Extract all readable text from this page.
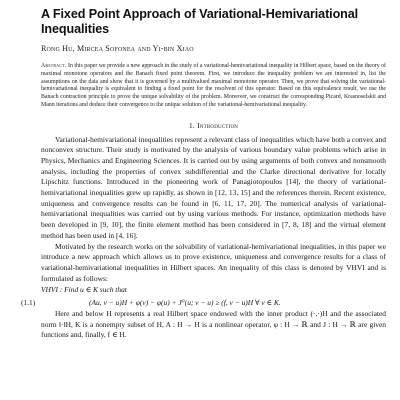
A Fixed Point Approach of Variational-Hemivariational Inequalities
Rong Hu, Mircea Sofonea and Yi-bin Xiao
Abstract. In this paper we provide a new approach in the study of a variational-hemivariational inequality in Hilbert space, based on the theory of maximal monotone operators and the Banach fixed point theorem. First, we introduce the inequality problem we are interested in, list the assumptions on the data and show that it is governed by a multivalued maximal monotone operator. Then, we prove that solving the variational-hemivariational inequality is equivalent to finding a fixed point for the resolvent of this operator. Based on this equivalence result, we use the Banach contraction principle to prove the unique solvability of the problem. Moreover, we construct the corresponding Picard, Krasnoselskii and Mann iterations and deduce their convergence to the unique solution of the variational-hemivariational inequality.
1. Introduction

Variational-hemivariational inequalities represent a relevant class of inequalities which have both a convex and nonconvex structure. Their study is motivated by the analysis of various boundary value problems which arise in Physics, Mechanics and Engineering Sciences. It is carried out by using arguments of both convex and nonsmooth analysis, including the properties of convex subdifferential and the Clarke directional derivative for locally Lipschitz functions. Introduced in the pioneering work of Panagiotopoulos [14], the theory of variational-hemivariational inequalities grew up rapidly, as shown in [12, 13, 15] and the references therein. Recent existence, uniqueness and convergence results can be found in [6, 11, 17, 20]. The numerical analysis of variational-hemivariational inequalities was carried out by using various methods. For instance, optimization methods have been developed in [9, 10], the finite element method has been considered in [7, 8, 18] and the virtual element method has been used in [4, 16].

Motivated by the research works on the solvability of variational-hemivariational inequalities, in this paper we introduce a new approach which allows us to prove existence, uniqueness and convergence results for a class of variational-hemivariational inequalities in Hilbert spaces. An inequality of this class is denoted by VHVI and is formulated as follows:

VHVI : Find u ∈ K such that
(1.1)	(Au, v − u)H + φ(v) − φ(u) + J⁰(u; v − u) ≥ (f, v − u)H ∀ v ∈ K.

Here and below H represents a real Hilbert space endowed with the inner product (·,·)H and the associated norm ‖·‖H, K is a nonempty subset of H, A : H → H is a nonlinear operator, φ : H → ℝ and J : H → ℝ are given functions and, finally, f ∈ H.
